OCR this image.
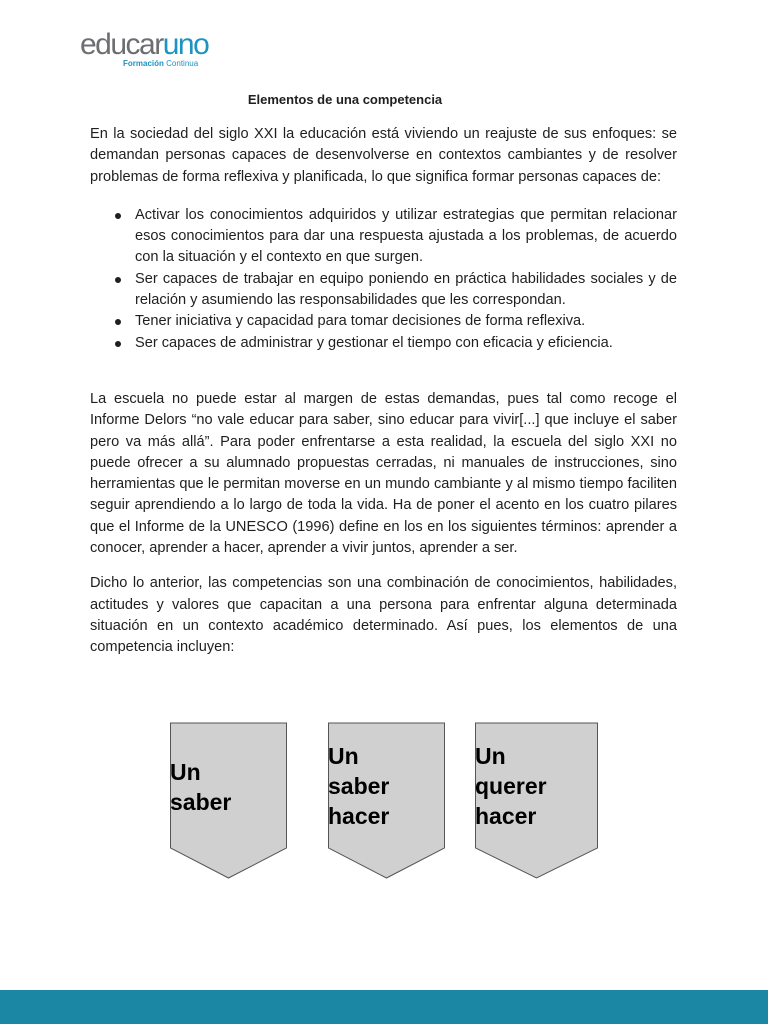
educaruno
Formación Continua
Elementos de una competencia

En la sociedad del siglo XXI la educación está viviendo un reajuste de sus enfoques: se demandan personas capaces de desenvolverse en contextos cambiantes y de resolver problemas de forma reflexiva y planificada, lo que significa formar personas capaces de:

Activar los conocimientos adquiridos y utilizar estrategias que permitan relacionar esos conocimientos para dar una respuesta ajustada a los problemas, de acuerdo con la situación y el contexto en que surgen.
Ser capaces de trabajar en equipo poniendo en práctica habilidades sociales y de relación y asumiendo las responsabilidades que les correspondan.
Tener iniciativa y capacidad para tomar decisiones de forma reflexiva.
Ser capaces de administrar y gestionar el tiempo con eficacia y eficiencia.

La escuela no puede estar al margen de estas demandas, pues tal como recoge el Informe Delors “no vale educar para saber, sino educar para vivir[...] que incluye el saber pero va más allá”. Para poder enfrentarse a esta realidad, la escuela del siglo XXI no puede ofrecer a su alumnado propuestas cerradas, ni manuales de instrucciones, sino herramientas que le permitan moverse en un mundo cambiante y al mismo tiempo faciliten seguir aprendiendo a lo largo de toda la vida. Ha de poner el acento en los cuatro pilares que el Informe de la UNESCO (1996) define en los en los siguientes términos: aprender a conocer, aprender a hacer, aprender a vivir juntos, aprender a ser.

Dicho lo anterior, las competencias son una combinación de conocimientos, habilidades, actitudes y valores que capacitan a una persona para enfrentar alguna determinada situación en un contexto académico determinado. Así pues, los elementos de una competencia incluyen:
